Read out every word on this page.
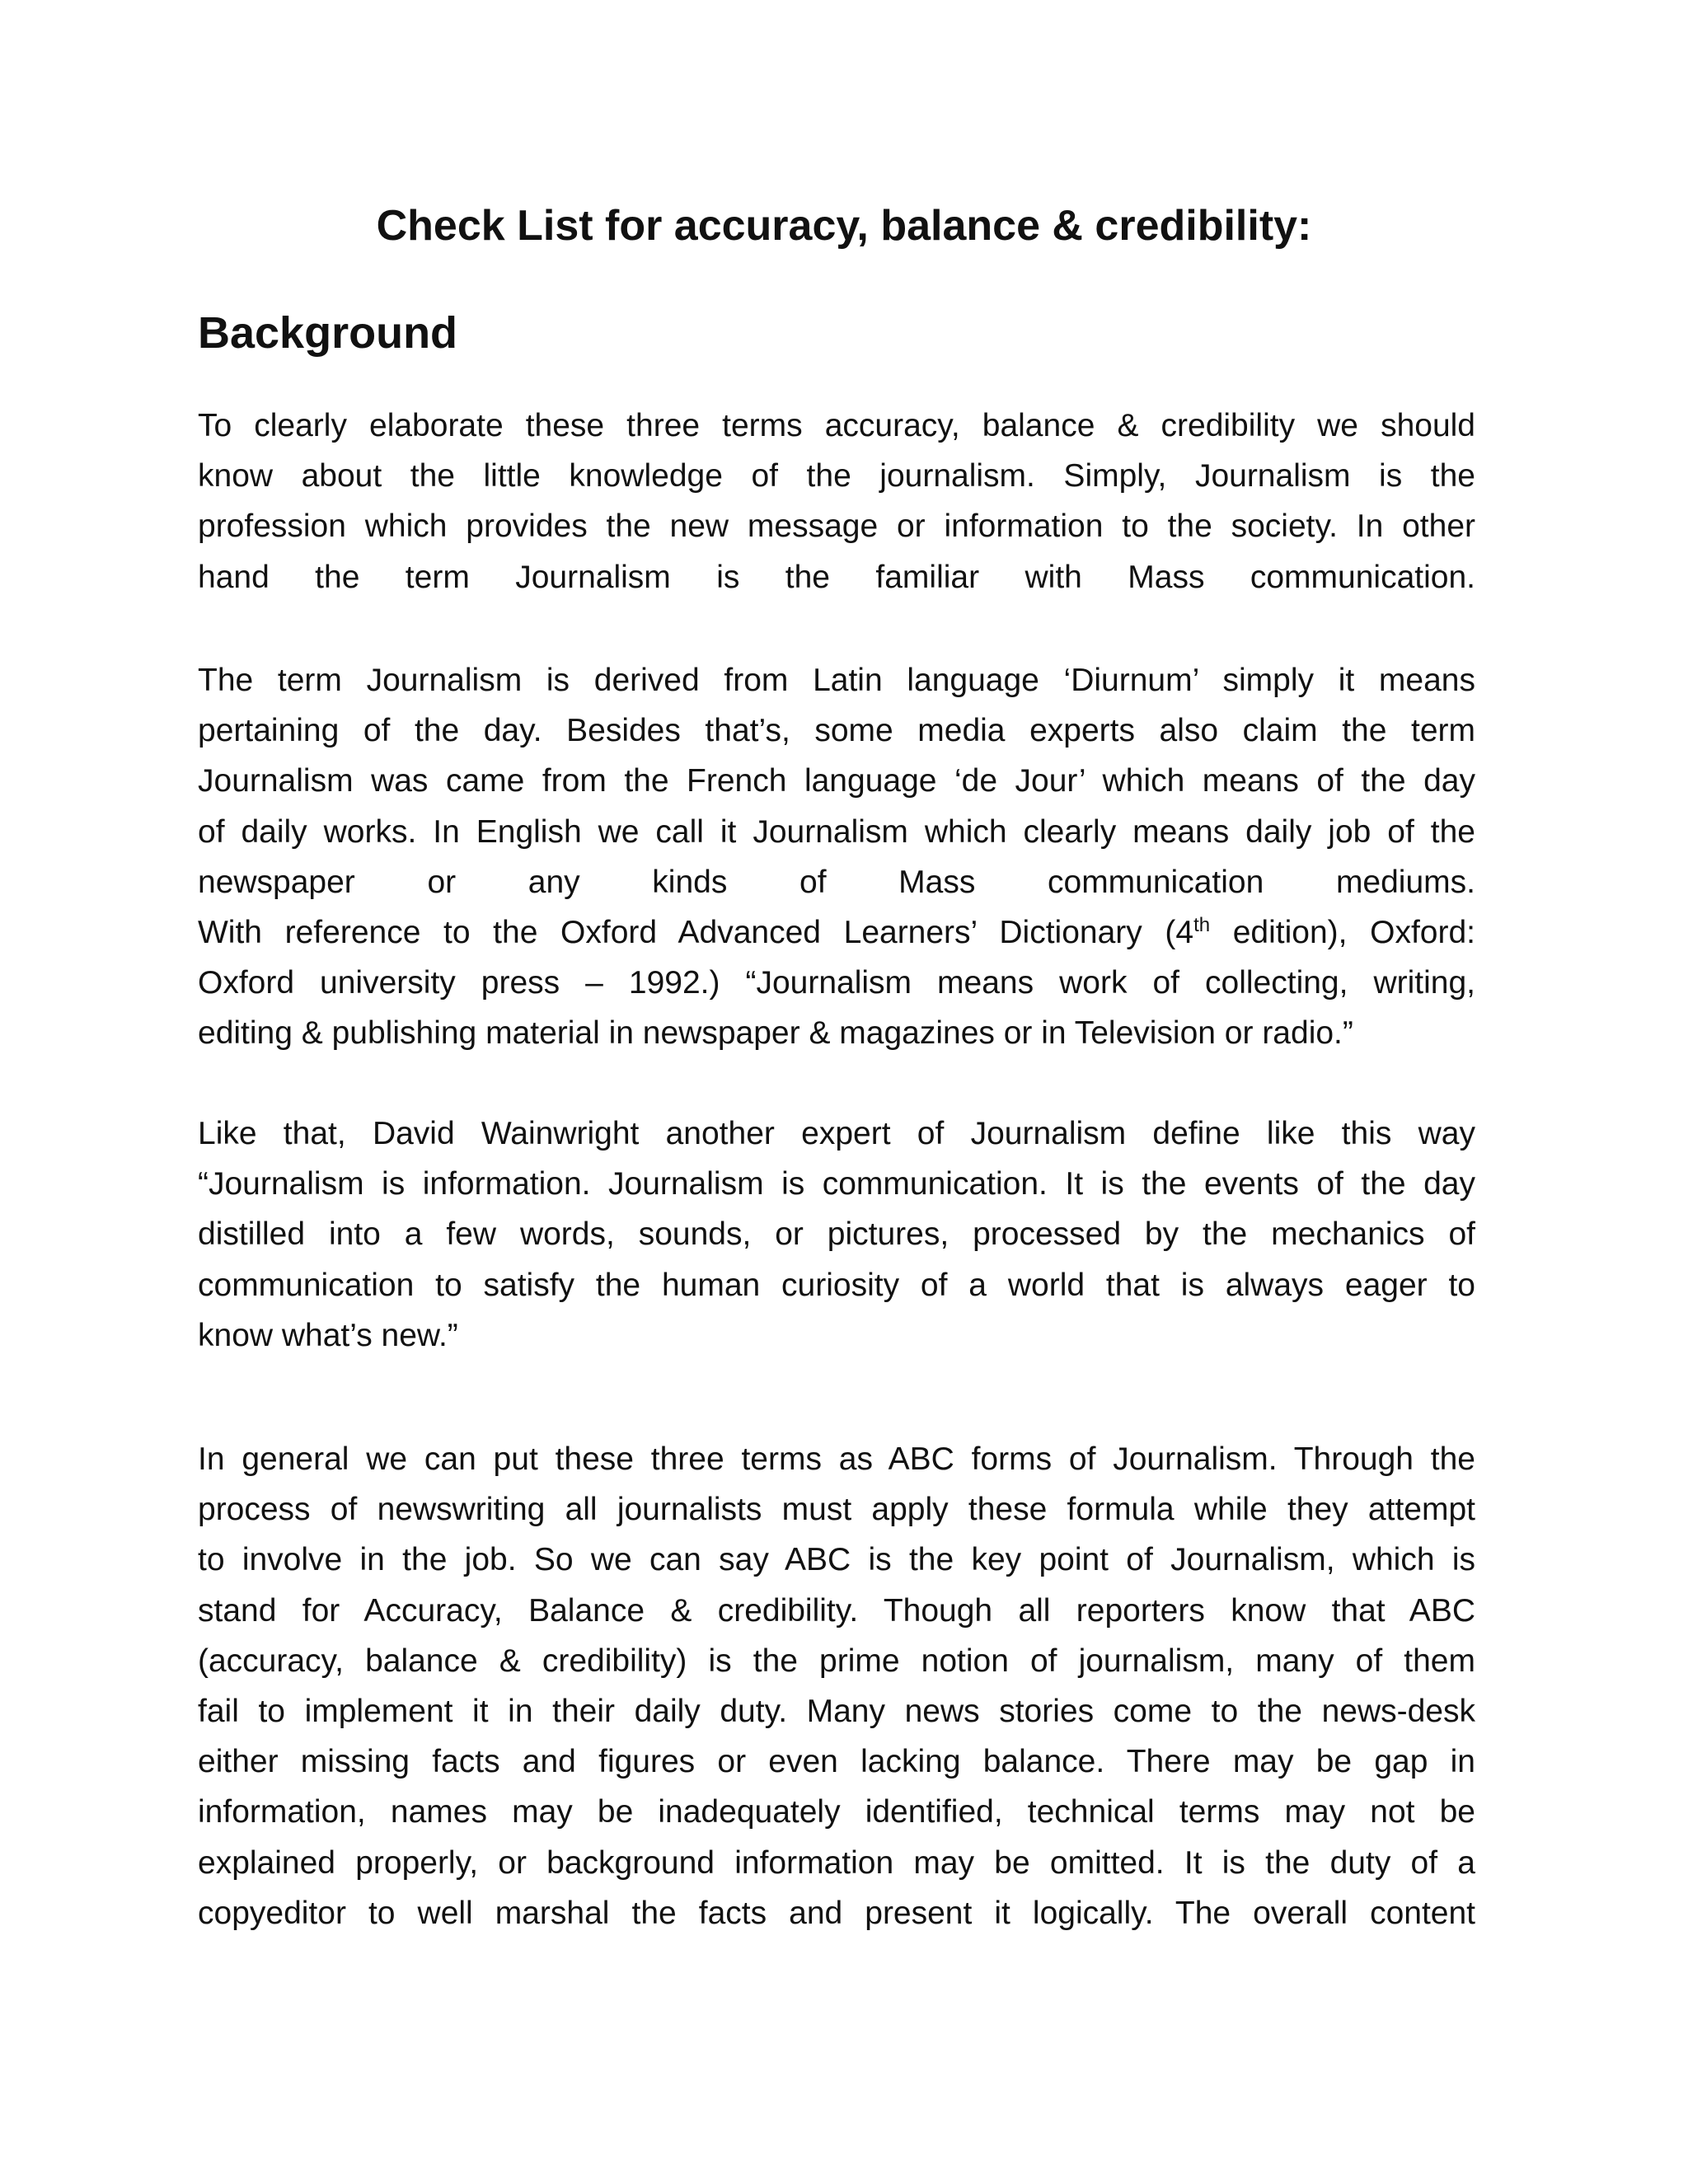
Check List for accuracy, balance & credibility:
Background
To clearly elaborate these three terms accuracy, balance & credibility we should
know about the little knowledge of the journalism. Simply, Journalism is the
profession which provides the new message or information to the society. In other
hand the term Journalism is the familiar with Mass communication.
The term Journalism is derived from Latin language ‘Diurnum’ simply it means
pertaining of the day. Besides that’s, some media experts also claim the term
Journalism was came from the French language ‘de Jour’ which means of the day
of daily works. In English we call it Journalism which clearly means daily job of the
newspaper or any kinds of Mass communication mediums.
With reference to the Oxford Advanced Learners’ Dictionary (4th edition), Oxford:
Oxford university press – 1992.) “Journalism means work of collecting, writing,
editing & publishing material in newspaper & magazines or in Television or radio.”
Like that, David Wainwright another expert of Journalism define like this way
“Journalism is information. Journalism is communication. It is the events of the day
distilled into a few words, sounds, or pictures, processed by the mechanics of
communication to satisfy the human curiosity of a world that is always eager to
know what’s new.”
In general we can put these three terms as ABC forms of Journalism. Through the
process of newswriting all journalists must apply these formula while they attempt
to involve in the job. So we can say ABC is the key point of Journalism, which is
stand for Accuracy, Balance & credibility. Though all reporters know that ABC
(accuracy, balance & credibility) is the prime notion of journalism, many of them
fail to implement it in their daily duty. Many news stories come to the news-desk
either missing facts and figures or even lacking balance. There may be gap in
information, names may be inadequately identified, technical terms may not be
explained properly, or background information may be omitted. It is the duty of a
copyeditor to well marshal the facts and present it logically. The overall content
